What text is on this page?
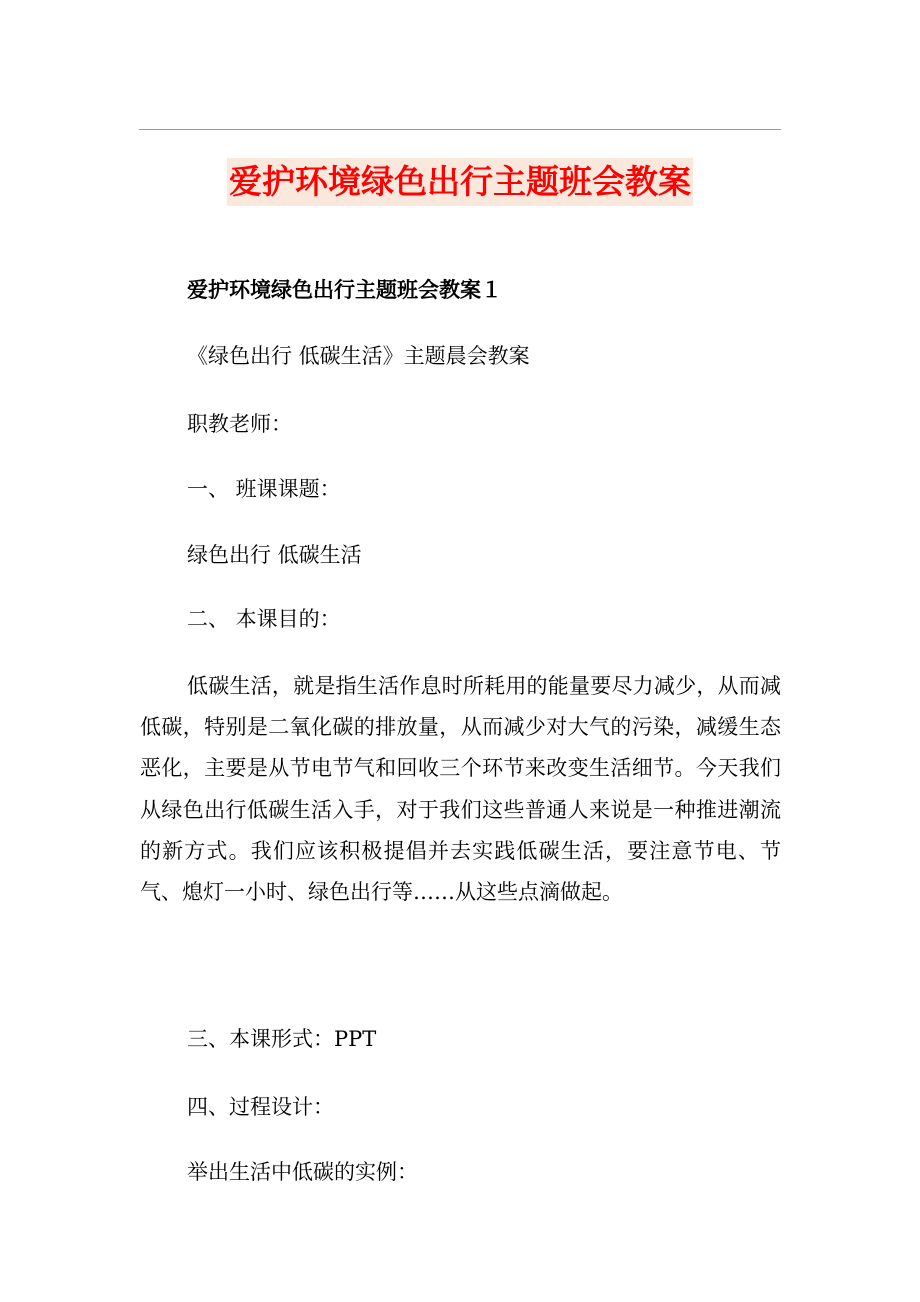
爱护环境绿色出行主题班会教案

爱护环境绿色出行主题班会教案１

《绿色出行 低碳生活》主题晨会教案

职教老师：

一、 班课课题：

绿色出行 低碳生活

二、 本课目的：

低碳生活，就是指生活作息时所耗用的能量要尽力减少，从而减低碳，特别是二氧化碳的排放量，从而减少对大气的污染，减缓生态恶化，主要是从节电节气和回收三个环节来改变生活细节。今天我们从绿色出行低碳生活入手，对于我们这些普通人来说是一种推进潮流的新方式。我们应该积极提倡并去实践低碳生活，要注意节电、节气、熄灯一小时、绿色出行等……从这些点滴做起。

三、本课形式：PPT

四、过程设计：

举出生活中低碳的实例：
